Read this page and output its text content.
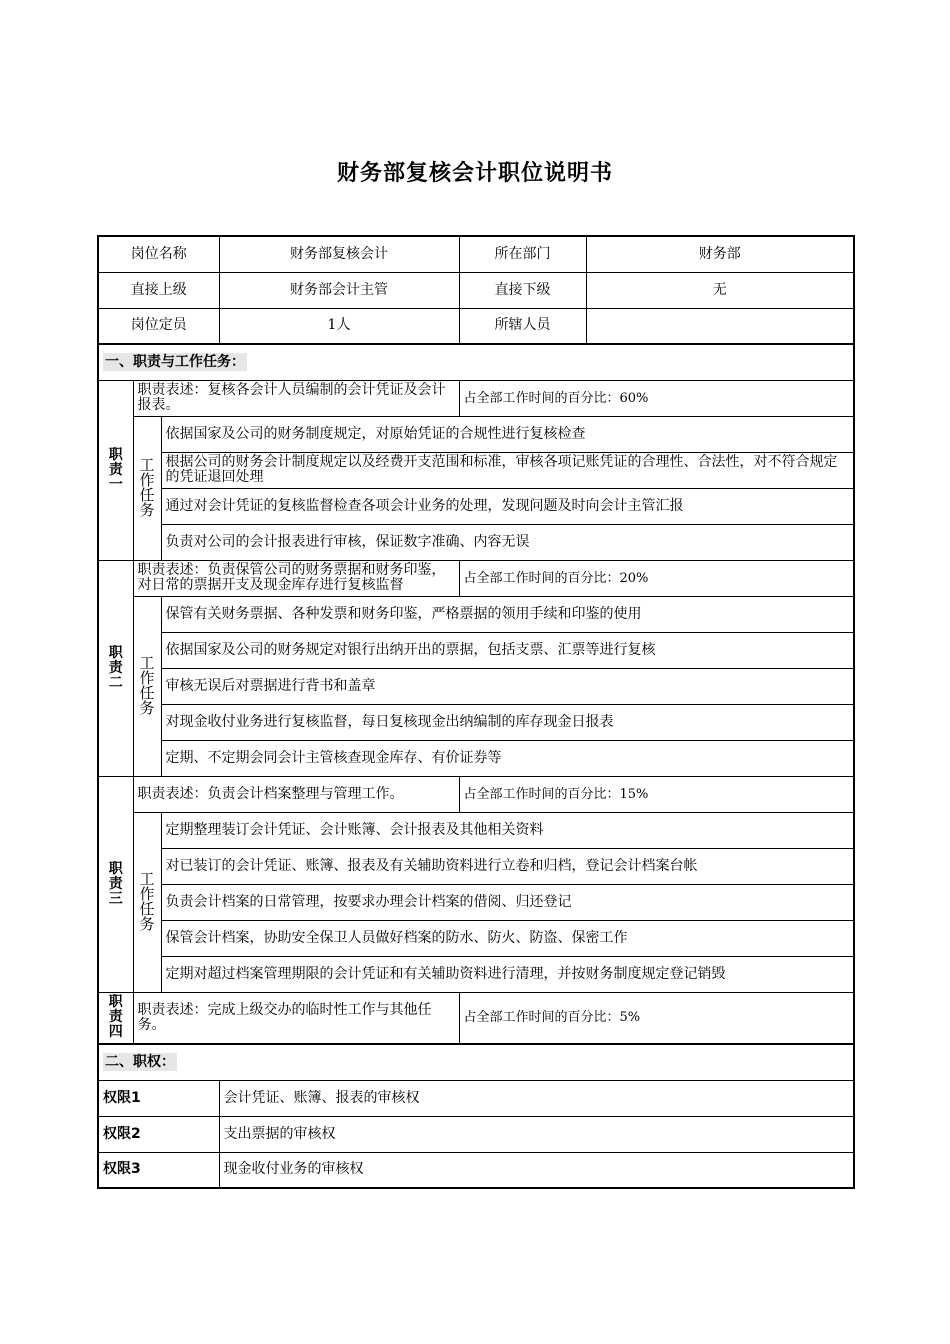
财务部复核会计职位说明书
岗位名称			财务部复核会计	所在部门	财务部
直接上级			财务部会计主管	直接下级	无
岗位定员			1人	所辖人员	
一、职责与工作任务：					

职
责
一	职责表述：复核各会计人员编制的会计凭证及会计报表。			占全部工作时间的百分比：60%	

	工
作
任
务	依据国家及公司的财务制度规定，对原始凭证的合规性进行复核检查			
		根据公司的财务会计制度规定以及经费开支范围和标准，审核各项记账凭证的合理性、合法性，对不符合规定的凭证退回处理			
		通过对会计凭证的复核监督检查各项会计业务的处理，发现问题及时向会计主管汇报			
		负责对公司的会计报表进行审核，保证数字准确、内容无误			

职
责
二	职责表述：负责保管公司的财务票据和财务印鉴，对日常的票据开支及现金库存进行复核监督			占全部工作时间的百分比：20%	

	工
作
任
务	保管有关财务票据、各种发票和财务印鉴，严格票据的领用手续和印鉴的使用			
		依据国家及公司的财务规定对银行出纳开出的票据，包括支票、汇票等进行复核			
		审核无误后对票据进行背书和盖章			
		对现金收付业务进行复核监督，每日复核现金出纳编制的库存现金日报表			
		定期、不定期会同会计主管核查现金库存、有价证券等			

职
责
三	职责表述：负责会计档案整理与管理工作。			占全部工作时间的百分比：15%	

	工
作
任
务	定期整理装订会计凭证、会计账簿、会计报表及其他相关资料			
		对已装订的会计凭证、账簿、报表及有关辅助资料进行立卷和归档，登记会计档案台帐			
		负责会计档案的日常管理，按要求办理会计档案的借阅、归还登记			
		保管会计档案，协助安全保卫人员做好档案的防水、防火、防盗、保密工作			
		定期对超过档案管理期限的会计凭证和有关辅助资料进行清理，并按财务制度规定登记销毁			

职
责
四	职责表述：完成上级交办的临时性工作与其他任务。			占全部工作时间的百分比：5%	
二、职权：					
权限1			会计凭证、账簿、报表的审核权		
权限2			支出票据的审核权		
权限3			现金收付业务的审核权		
